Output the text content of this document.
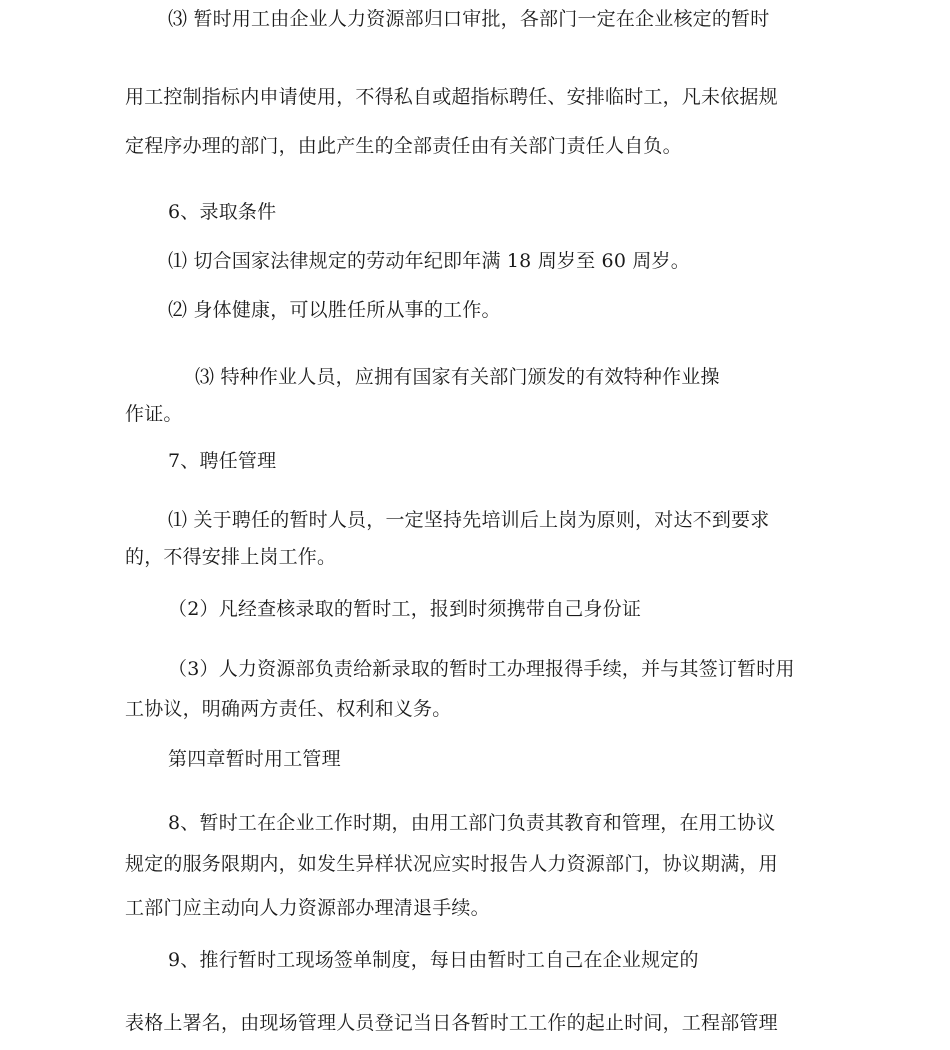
⑶ 暂时用工由企业人力资源部归口审批，各部门一定在企业核定的暂时
用工控制指标内申请使用，不得私自或超指标聘任、安排临时工，凡未依据规
定程序办理的部门，由此产生的全部责任由有关部门责任人自负。
6、录取条件
⑴ 切合国家法律规定的劳动年纪即年满 18 周岁至 60 周岁。
⑵ 身体健康，可以胜任所从事的工作。
⑶ 特种作业人员，应拥有国家有关部门颁发的有效特种作业操
作证。
7、聘任管理
⑴ 关于聘任的暂时人员，一定坚持先培训后上岗为原则，对达不到要求
的，不得安排上岗工作。
（2）凡经查核录取的暂时工，报到时须携带自己身份证
（3）人力资源部负责给新录取的暂时工办理报得手续，并与其签订暂时用
工协议，明确两方责任、权利和义务。
第四章暂时用工管理
8、暂时工在企业工作时期，由用工部门负责其教育和管理，在用工协议
规定的服务限期内，如发生异样状况应实时报告人力资源部门，协议期满，用
工部门应主动向人力资源部办理清退手续。
9、推行暂时工现场签单制度，每日由暂时工自己在企业规定的
表格上署名，由现场管理人员登记当日各暂时工工作的起止时间，工程部管理
